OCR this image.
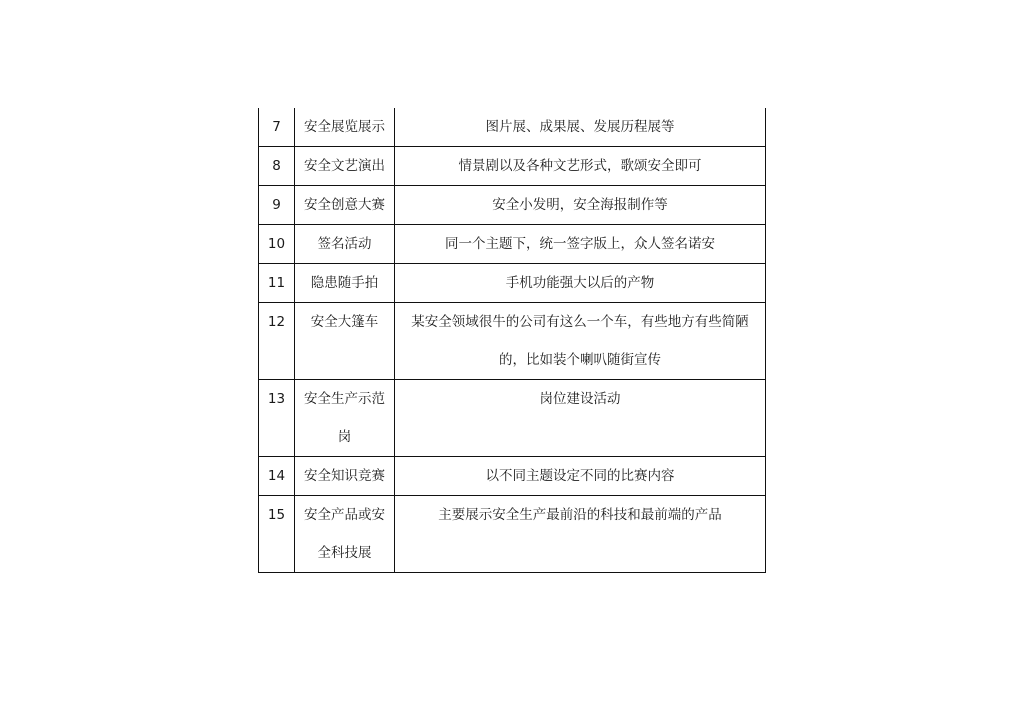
7	安全展览展示	图片展、成果展、发展历程展等
8	安全文艺演出	情景剧以及各种文艺形式，歌颂安全即可
9	安全创意大赛	安全小发明，安全海报制作等
10	签名活动	同一个主题下，统一签字版上，众人签名诺安
11	隐患随手拍	手机功能强大以后的产物
12	安全大篷车	某安全领域很牛的公司有这么一个车，有些地方有些简陋的，比如装个喇叭随街宣传
13	安全生产示范岗	岗位建设活动
14	安全知识竞赛	以不同主题设定不同的比赛内容
15	安全产品或安全科技展	主要展示安全生产最前沿的科技和最前端的产品
